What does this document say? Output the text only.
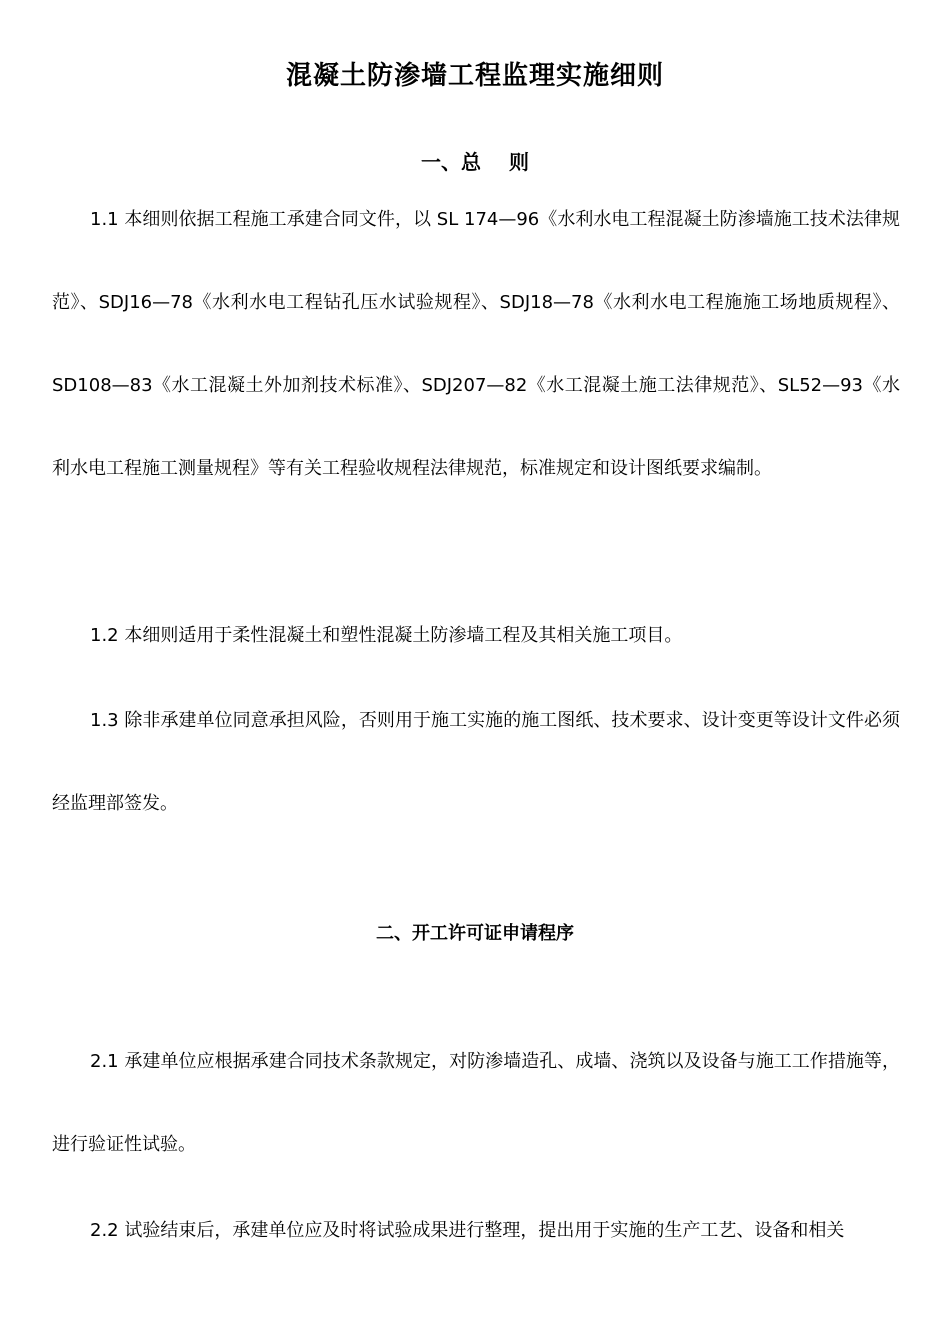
混凝土防渗墙工程监理实施细则
一、总 则

1.1 本细则依据工程施工承建合同文件，以 SL 174—96《水利水电工程混凝土防渗墙施工技术法律规范》、SDJ16—78《水利水电工程钻孔压水试验规程》、SDJ18—78《水利水电工程施施工场地质规程》、SD108—83《水工混凝土外加剂技术标准》、SDJ207—82《水工混凝土施工法律规范》、SL52—93《水利水电工程施工测量规程》等有关工程验收规程法律规范，标准规定和设计图纸要求编制。

1.2 本细则适用于柔性混凝土和塑性混凝土防渗墙工程及其相关施工项目。

1.3 除非承建单位同意承担风险，否则用于施工实施的施工图纸、技术要求、设计变更等设计文件必须经监理部签发。

二、开工许可证申请程序

2.1 承建单位应根据承建合同技术条款规定，对防渗墙造孔、成墙、浇筑以及设备与施工工作措施等，进行验证性试验。

2.2 试验结束后，承建单位应及时将试验成果进行整理，提出用于实施的生产工艺、设备和相关
